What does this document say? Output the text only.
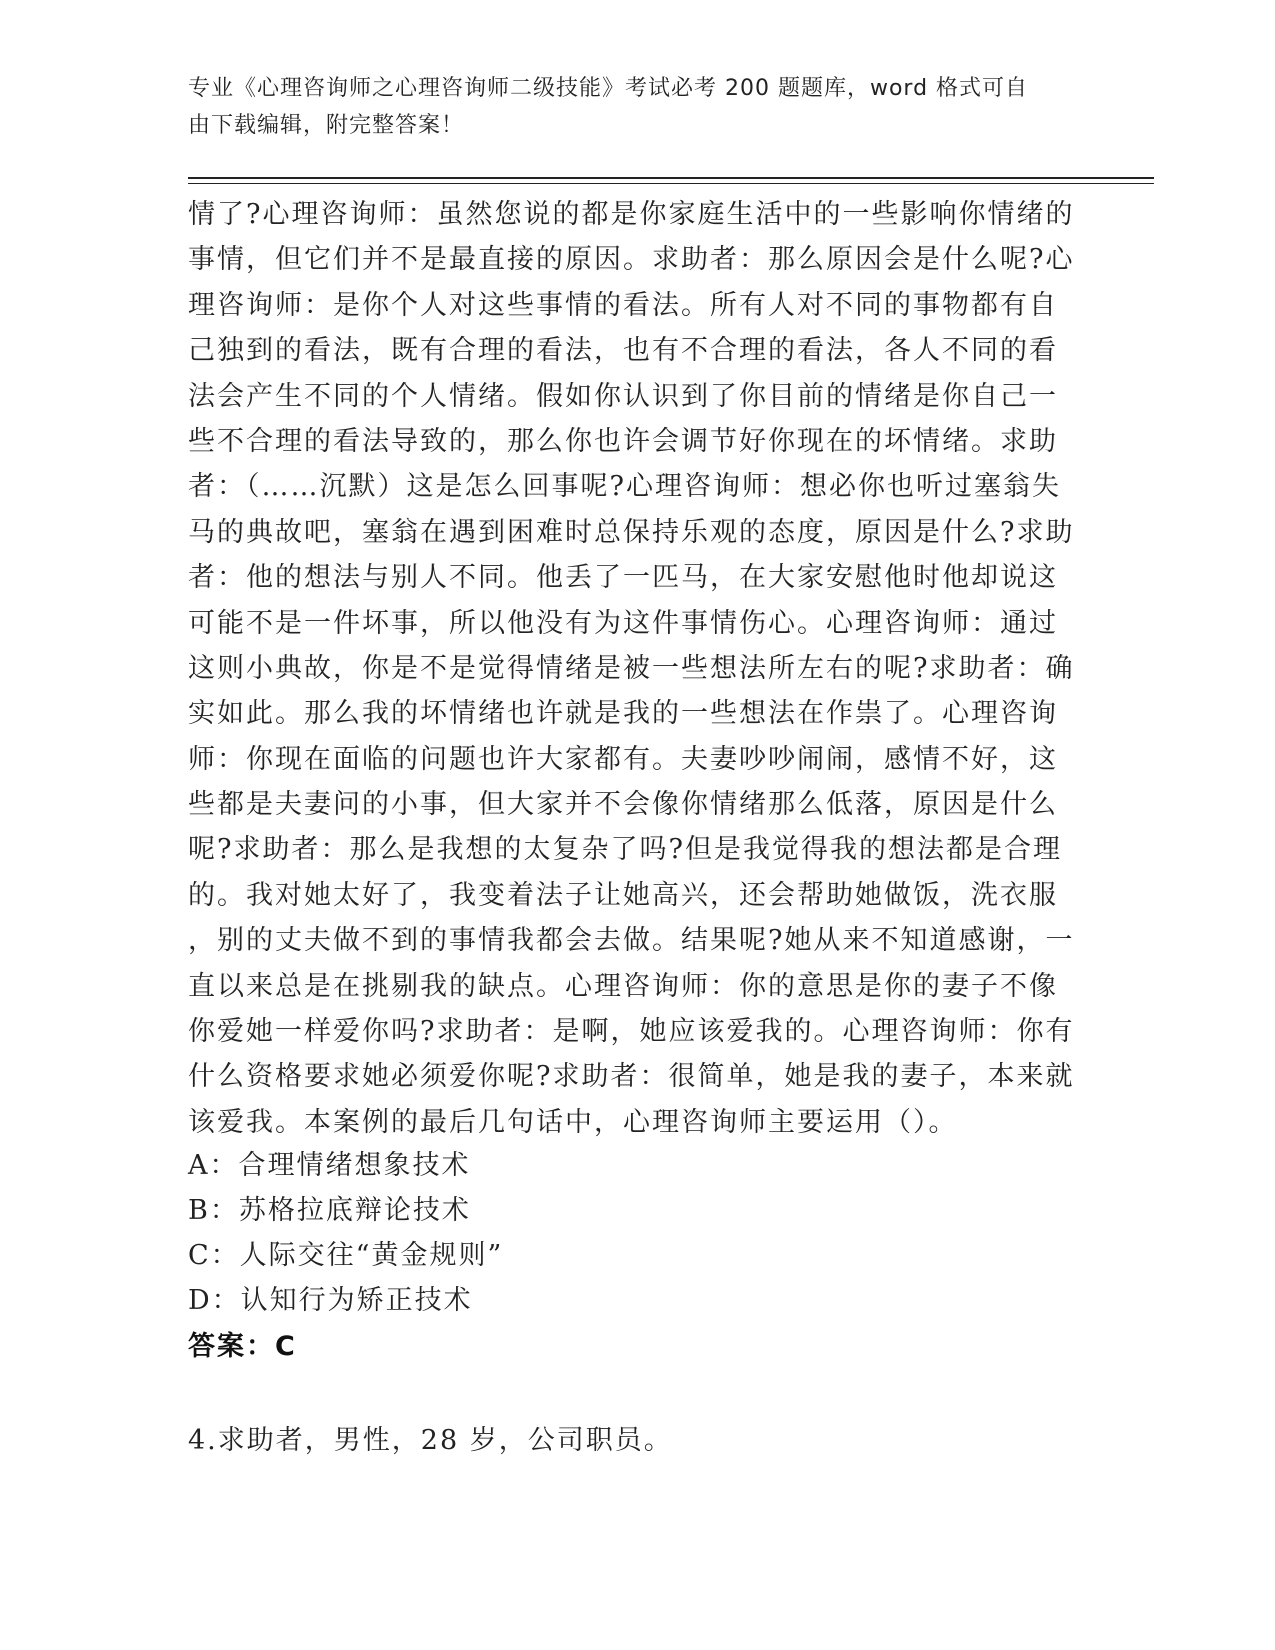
专业《心理咨询师之心理咨询师二级技能》考试必考 200 题题库，word 格式可自
由下载编辑，附完整答案！
情了?心理咨询师：虽然您说的都是你家庭生活中的一些影响你情绪的
事情，但它们并不是最直接的原因。求助者：那么原因会是什么呢?心
理咨询师：是你个人对这些事情的看法。所有人对不同的事物都有自
己独到的看法，既有合理的看法，也有不合理的看法，各人不同的看
法会产生不同的个人情绪。假如你认识到了你目前的情绪是你自己一
些不合理的看法导致的，那么你也许会调节好你现在的坏情绪。求助
者：（……沉默）这是怎么回事呢?心理咨询师：想必你也听过塞翁失
马的典故吧，塞翁在遇到困难时总保持乐观的态度，原因是什么?求助
者：他的想法与别人不同。他丢了一匹马，在大家安慰他时他却说这
可能不是一件坏事，所以他没有为这件事情伤心。心理咨询师：通过
这则小典故，你是不是觉得情绪是被一些想法所左右的呢?求助者：确
实如此。那么我的坏情绪也许就是我的一些想法在作祟了。心理咨询
师：你现在面临的问题也许大家都有。夫妻吵吵闹闹，感情不好，这
些都是夫妻问的小事，但大家并不会像你情绪那么低落，原因是什么
呢?求助者：那么是我想的太复杂了吗?但是我觉得我的想法都是合理
的。我对她太好了，我变着法子让她高兴，还会帮助她做饭，洗衣服
，别的丈夫做不到的事情我都会去做。结果呢?她从来不知道感谢，一
直以来总是在挑剔我的缺点。心理咨询师：你的意思是你的妻子不像
你爱她一样爱你吗?求助者：是啊，她应该爱我的。心理咨询师：你有
什么资格要求她必须爱你呢?求助者：很简单，她是我的妻子，本来就
该爱我。本案例的最后几句话中，心理咨询师主要运用（）。
A：合理情绪想象技术
B：苏格拉底辩论技术
C：人际交往“黄金规则”
D：认知行为矫正技术
答案：C
4.求助者，男性，28 岁，公司职员。
